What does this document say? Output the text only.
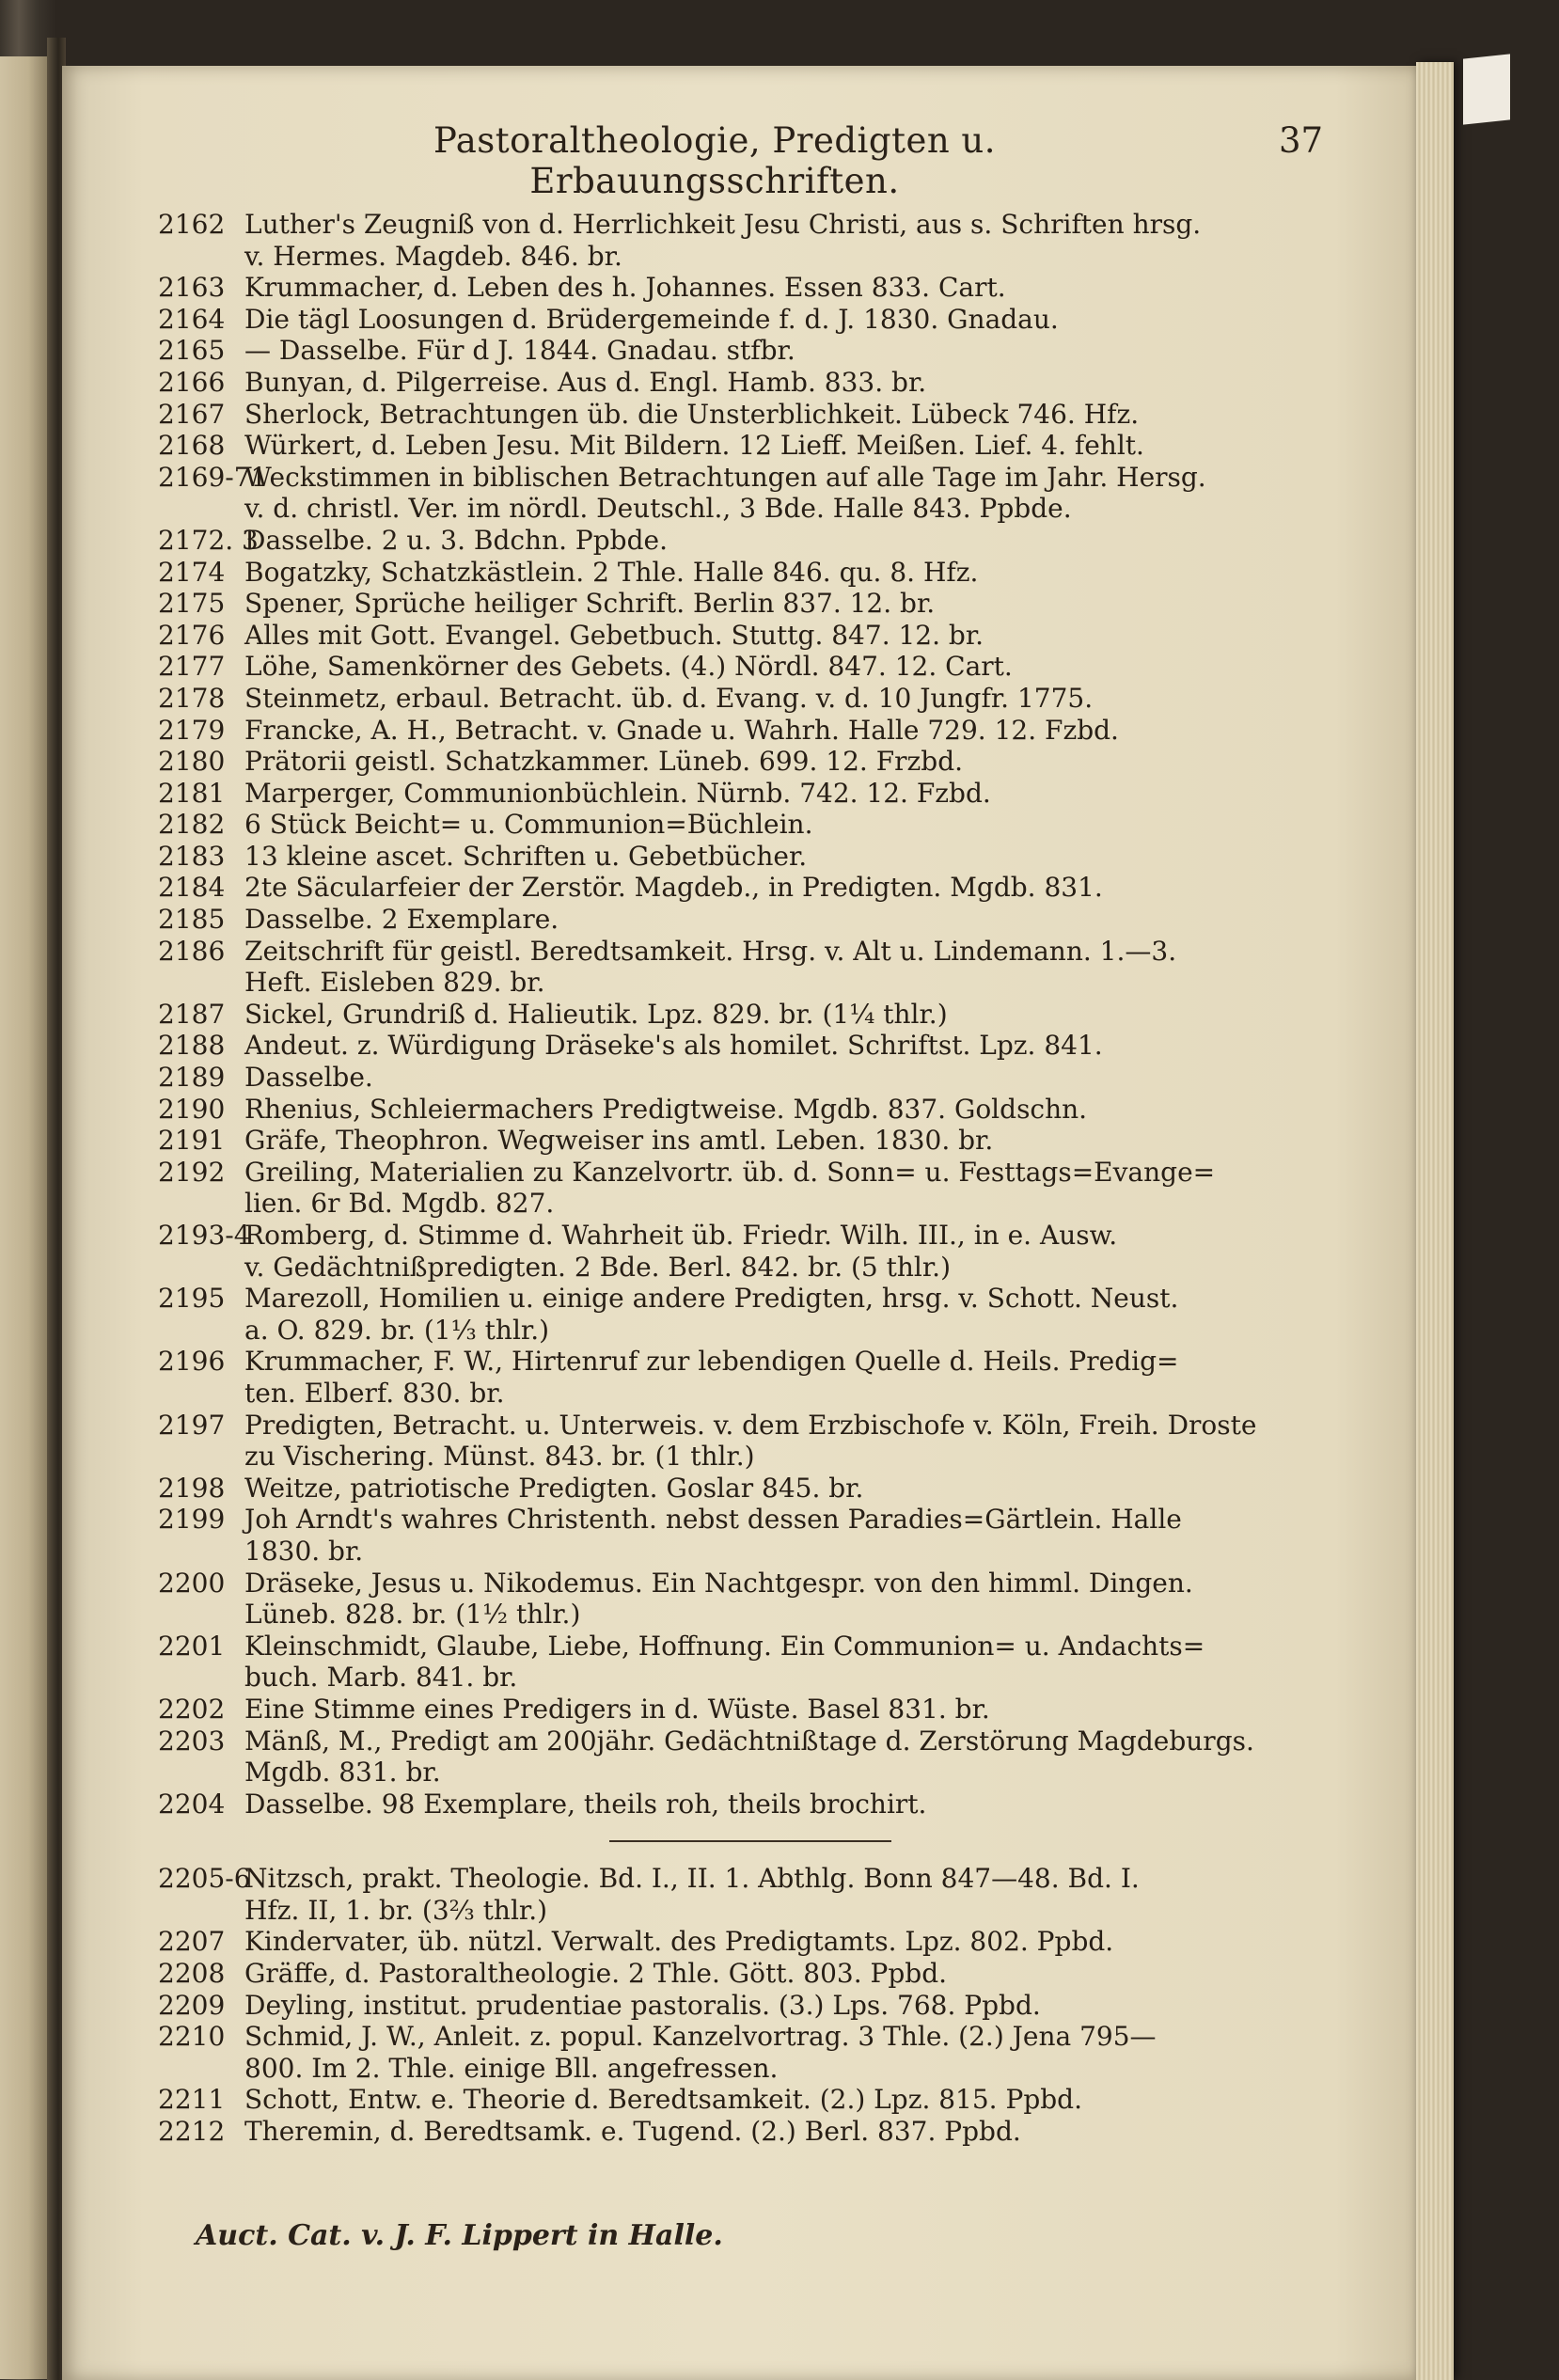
Pastoraltheologie, Predigten u. Erbauungsschriften.
37
2162 Luther's Zeugniß von d. Herrlichkeit Jesu Christi, aus s. Schriften hrsg.
v. Hermes. Magdeb. 846. br.
2163 Krummacher, d. Leben des h. Johannes. Essen 833. Cart.
2164 Die tägl Loosungen d. Brüdergemeinde f. d. J. 1830. Gnadau.
2165 — Dasselbe. Für d J. 1844. Gnadau. stfbr.
2166 Bunyan, d. Pilgerreise. Aus d. Engl. Hamb. 833. br.
2167 Sherlock, Betrachtungen üb. die Unsterblichkeit. Lübeck 746. Hfz.
2168 Würkert, d. Leben Jesu. Mit Bildern. 12 Lieff. Meißen. Lief. 4. fehlt.
2169-71Weckstimmen in biblischen Betrachtungen auf alle Tage im Jahr. Hersg.
v. d. christl. Ver. im nördl. Deutschl., 3 Bde. Halle 843. Ppbde.
2172. 3Dasselbe. 2 u. 3. Bdchn. Ppbde.
2174 Bogatzky, Schatzkästlein. 2 Thle. Halle 846. qu. 8. Hfz.
2175 Spener, Sprüche heiliger Schrift. Berlin 837. 12. br.
2176 Alles mit Gott. Evangel. Gebetbuch. Stuttg. 847. 12. br.
2177 Löhe, Samenkörner des Gebets. (4.) Nördl. 847. 12. Cart.
2178 Steinmetz, erbaul. Betracht. üb. d. Evang. v. d. 10 Jungfr. 1775.
2179 Francke, A. H., Betracht. v. Gnade u. Wahrh. Halle 729. 12. Fzbd.
2180 Prätorii geistl. Schatzkammer. Lüneb. 699. 12. Frzbd.
2181 Marperger, Communionbüchlein. Nürnb. 742. 12. Fzbd.
2182 6 Stück Beicht= u. Communion=Büchlein.
2183 13 kleine ascet. Schriften u. Gebetbücher.
2184 2te Säcularfeier der Zerstör. Magdeb., in Predigten. Mgdb. 831.
2185 Dasselbe. 2 Exemplare.
2186 Zeitschrift für geistl. Beredtsamkeit. Hrsg. v. Alt u. Lindemann. 1.—3.
Heft. Eisleben 829. br.
2187 Sickel, Grundriß d. Halieutik. Lpz. 829. br. (1¼ thlr.)
2188 Andeut. z. Würdigung Dräseke's als homilet. Schriftst. Lpz. 841.
2189 Dasselbe.
2190 Rhenius, Schleiermachers Predigtweise. Mgdb. 837. Goldschn.
2191 Gräfe, Theophron. Wegweiser ins amtl. Leben. 1830. br.
2192 Greiling, Materialien zu Kanzelvortr. üb. d. Sonn= u. Festtags=Evange=
lien. 6r Bd. Mgdb. 827.
2193-4Romberg, d. Stimme d. Wahrheit üb. Friedr. Wilh. III., in e. Ausw.
v. Gedächtnißpredigten. 2 Bde. Berl. 842. br. (5 thlr.)
2195 Marezoll, Homilien u. einige andere Predigten, hrsg. v. Schott. Neust.
a. O. 829. br. (1⅓ thlr.)
2196 Krummacher, F. W., Hirtenruf zur lebendigen Quelle d. Heils. Predig=
ten. Elberf. 830. br.
2197 Predigten, Betracht. u. Unterweis. v. dem Erzbischofe v. Köln, Freih. Droste
zu Vischering. Münst. 843. br. (1 thlr.)
2198 Weitze, patriotische Predigten. Goslar 845. br.
2199 Joh Arndt's wahres Christenth. nebst dessen Paradies=Gärtlein. Halle
1830. br.
2200 Dräseke, Jesus u. Nikodemus. Ein Nachtgespr. von den himml. Dingen.
Lüneb. 828. br. (1½ thlr.)
2201 Kleinschmidt, Glaube, Liebe, Hoffnung. Ein Communion= u. Andachts=
buch. Marb. 841. br.
2202 Eine Stimme eines Predigers in d. Wüste. Basel 831. br.
2203 Mänß, M., Predigt am 200jähr. Gedächtnißtage d. Zerstörung Magdeburgs.
Mgdb. 831. br.
2204 Dasselbe. 98 Exemplare, theils roh, theils brochirt.
2205-6Nitzsch, prakt. Theologie. Bd. I., II. 1. Abthlg. Bonn 847—48. Bd. I.
Hfz. II, 1. br. (3⅔ thlr.)
2207 Kindervater, üb. nützl. Verwalt. des Predigtamts. Lpz. 802. Ppbd.
2208 Gräffe, d. Pastoraltheologie. 2 Thle. Gött. 803. Ppbd.
2209 Deyling, institut. prudentiae pastoralis. (3.) Lps. 768. Ppbd.
2210 Schmid, J. W., Anleit. z. popul. Kanzelvortrag. 3 Thle. (2.) Jena 795—
800. Im 2. Thle. einige Bll. angefressen.
2211 Schott, Entw. e. Theorie d. Beredtsamkeit. (2.) Lpz. 815. Ppbd.
2212 Theremin, d. Beredtsamk. e. Tugend. (2.) Berl. 837. Ppbd.
Auct. Cat. v. J. F. Lippert in Halle.
